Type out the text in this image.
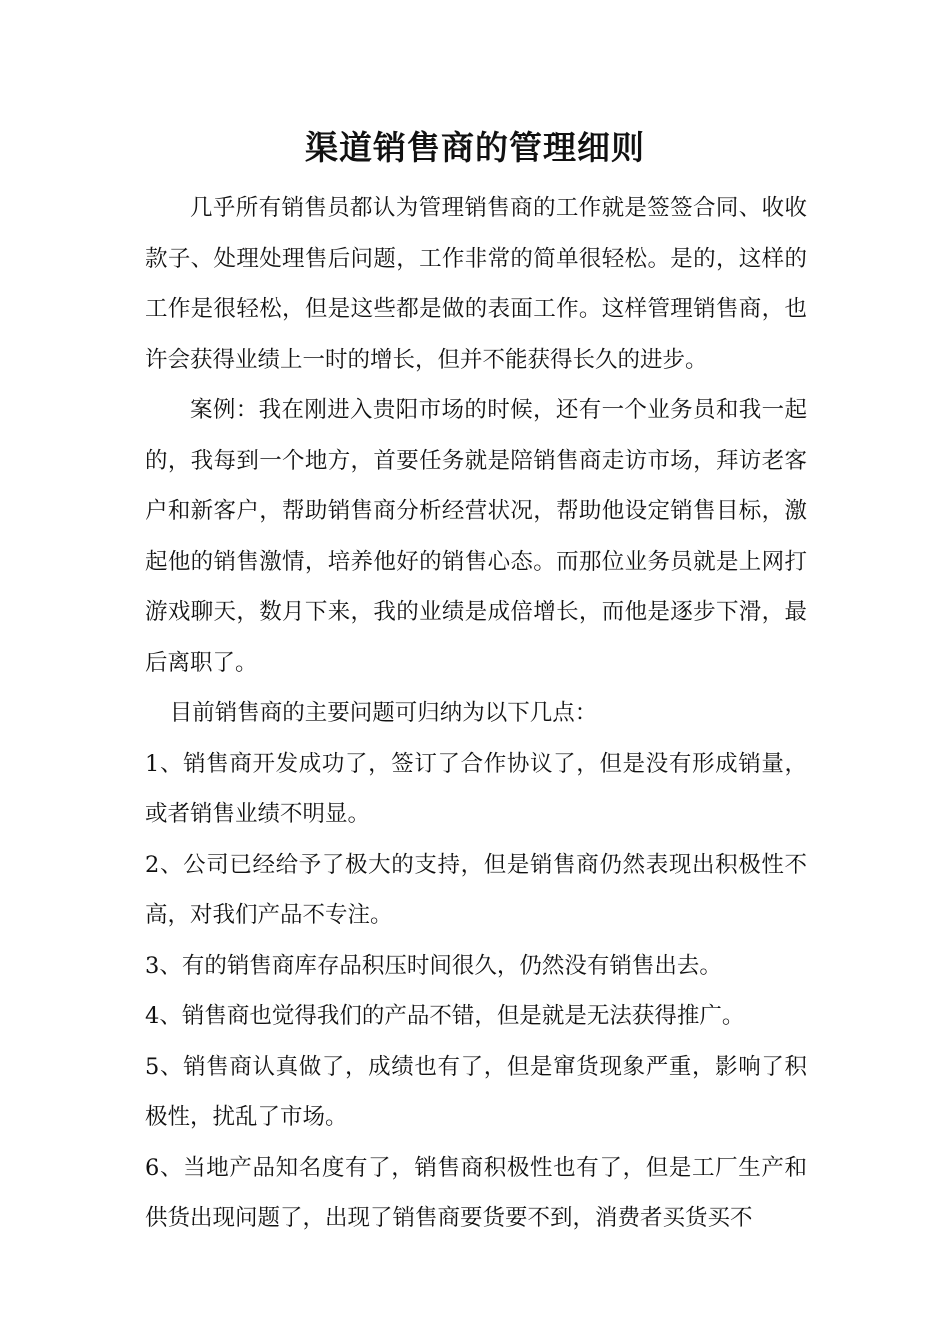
渠道销售商的管理细则

几乎所有销售员都认为管理销售商的工作就是签签合同、收收款子、处理处理售后问题，工作非常的简单很轻松。是的，这样的工作是很轻松，但是这些都是做的表面工作。这样管理销售商，也许会获得业绩上一时的增长，但并不能获得长久的进步。

案例：我在刚进入贵阳市场的时候，还有一个业务员和我一起的，我每到一个地方，首要任务就是陪销售商走访市场，拜访老客户和新客户，帮助销售商分析经营状况，帮助他设定销售目标，激起他的销售激情，培养他好的销售心态。而那位业务员就是上网打游戏聊天，数月下来，我的业绩是成倍增长，而他是逐步下滑，最后离职了。

目前销售商的主要问题可归纳为以下几点：

1、销售商开发成功了，签订了合作协议了，但是没有形成销量，或者销售业绩不明显。

2、公司已经给予了极大的支持，但是销售商仍然表现出积极性不高，对我们产品不专注。

3、有的销售商库存品积压时间很久，仍然没有销售出去。

4、销售商也觉得我们的产品不错，但是就是无法获得推广。

5、销售商认真做了，成绩也有了，但是窜货现象严重，影响了积极性，扰乱了市场。

6、当地产品知名度有了，销售商积极性也有了，但是工厂生产和供货出现问题了，出现了销售商要货要不到，消费者买货买不
